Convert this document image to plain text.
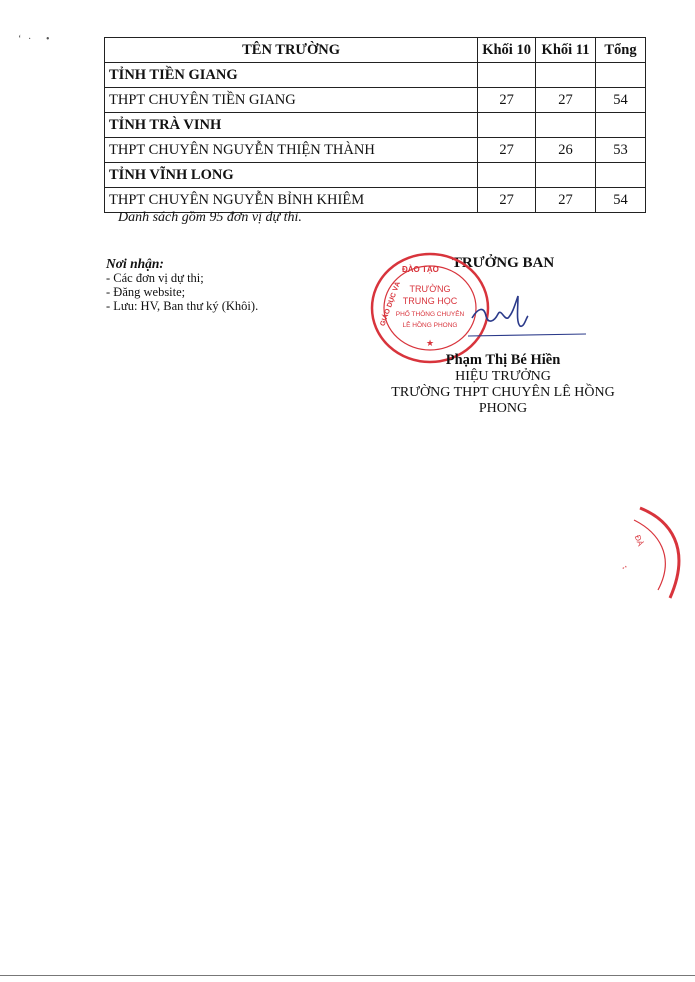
ʻ · •
TÊN TRƯỜNG	Khối 10	Khối 11	Tổng
TỈNH TIỀN GIANG			
THPT CHUYÊN TIỀN GIANG	27	27	54
TỈNH TRÀ VINH			
THPT CHUYÊN NGUYỄN THIỆN THÀNH	27	26	53
TỈNH VĨNH LONG			
THPT CHUYÊN NGUYỄN BỈNH KHIÊM	27	27	54
Danh sách gồm 95 đơn vị dự thi.
Nơi nhận:
- Các đơn vị dự thi;
- Đăng website;
- Lưu: HV, Ban thư ký (Khôi).
TRƯỞNG BAN
ĐÀO TẠO
GIÁO DỤC VÀ TRƯỜNG
TRUNG HỌC
PHỔ THÔNG CHUYÊN
LÊ HỒNG PHONG
★
Phạm Thị Bé Hiền
HIỆU TRƯỞNG
TRƯỜNG THPT CHUYÊN LÊ HỒNG PHONG
ĐÀ
ᐩᐩ
